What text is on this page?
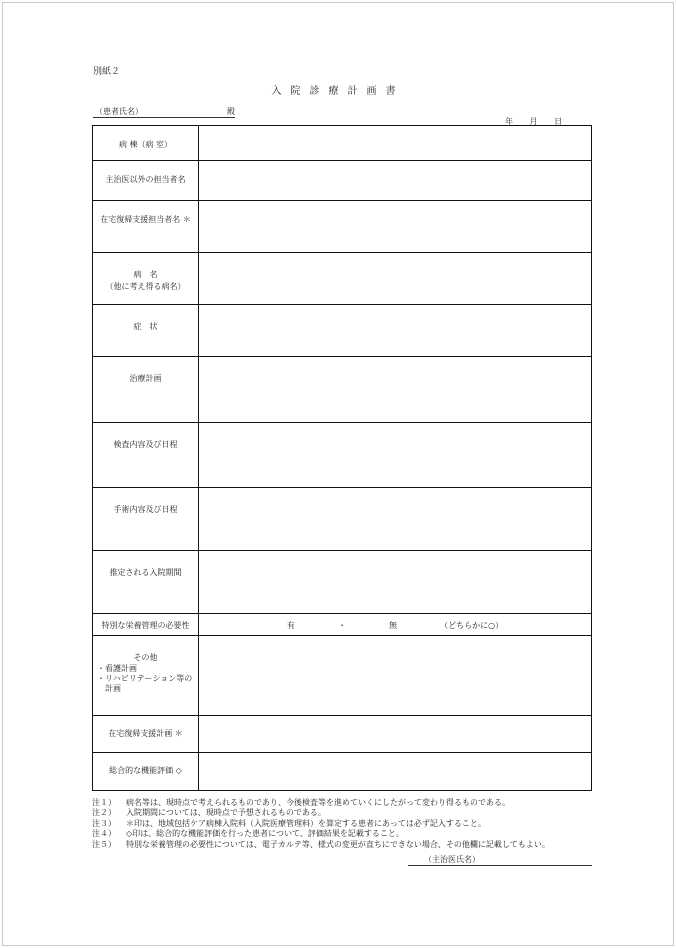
別紙２
入院診療計画書
（患者氏名）	殿
年 月 日
病 棟（病 室）	

主治医以外の担当者名	

在宅復帰支援担当者名 ＊	

病　名
（他に考え得る病名）	

症　状	

治療計画	

検査内容及び日程	

手術内容及び日程	

推定される入院期間	

特別な栄養管理の必要性	有 ・ 無 （どちらかに○）

その他
・看護計画
・リハビリテーション等の
計画	

在宅復帰支援計画 ＊	

総合的な機能評価 ◇	

注１） 病名等は、現時点で考えられるものであり、今後検査等を進めていくにしたがって変わり得るものである。
注２） 入院期間については、現時点で予想されるものである。
注３） ＊印は、地域包括ケア病棟入院料（入院医療管理料）を算定する患者にあっては必ず記入すること。
注４） ◇印は、総合的な機能評価を行った患者について、評価結果を記載すること。
注５） 特別な栄養管理の必要性については、電子カルテ等、様式の変更が直ちにできない場合、その他欄に記載してもよい。
（主治医氏名）
